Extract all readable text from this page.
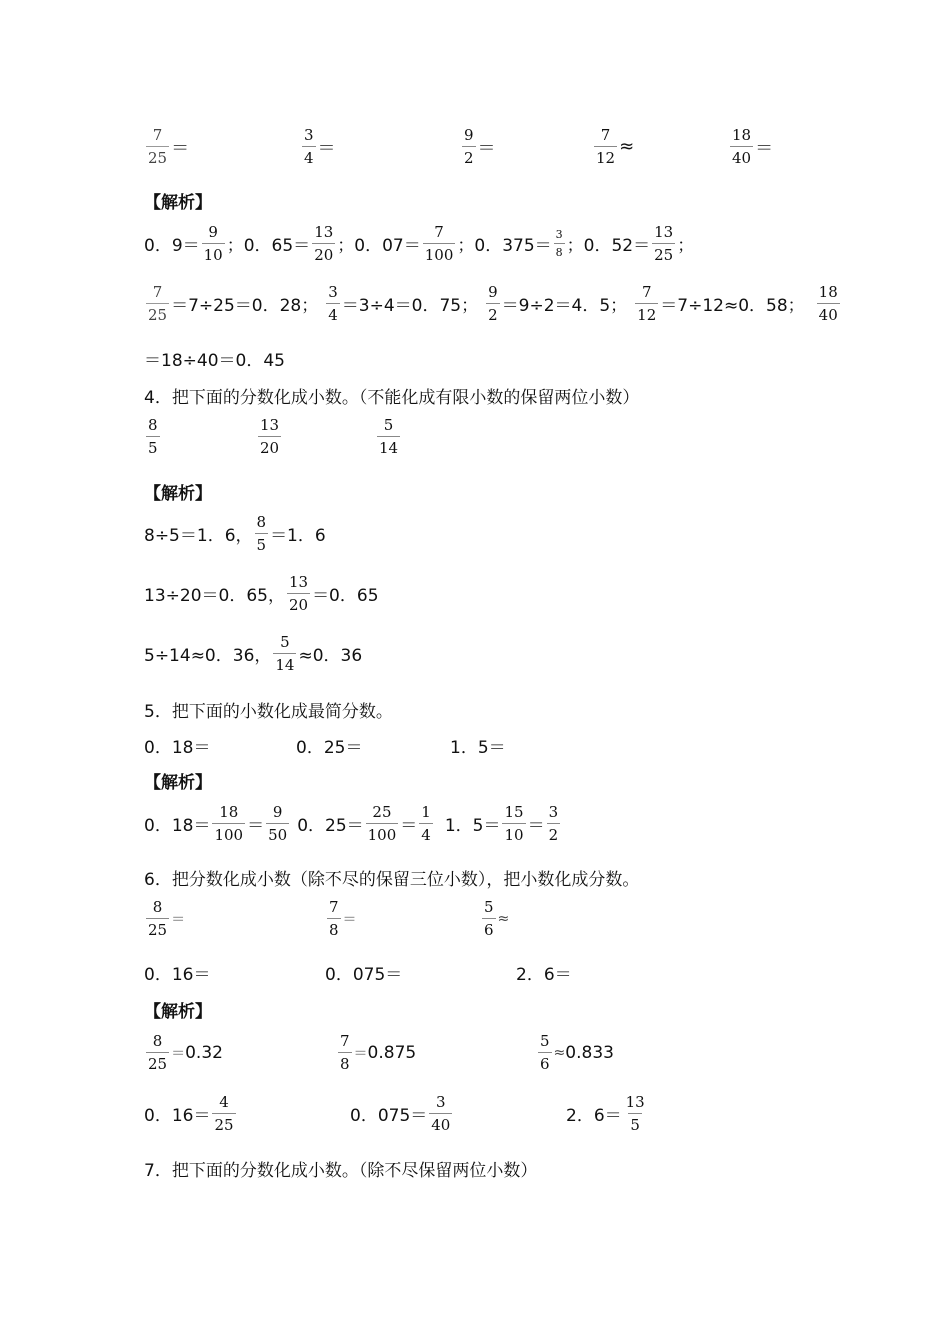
$\frac{7}{25}$ ＝	$\frac{3}{4}$ ＝	$\frac{9}{2}$ ＝	$\frac{7}{12}$ ≈	$\frac{18}{40}$ ＝
【解析】
0．$9= \frac{9}{10}$ ；0．$65= \frac{13}{20}$ ；0．$07= \frac{7}{100}$ ；0．$375= \frac{3}{8}$ ；0．$52= \frac{13}{25}$ ；
$\frac{7}{25} =7\div 25=0$．28； $\frac{3}{4} =3\div 4=0$．75； $\frac{9}{2} =9\div 2=4$．5； $\frac{7}{12} =7\div 12\approx 0$．58； $\frac{18}{40}$
＝18÷40＝0．45
4．把下面的分数化成小数。（不能化成有限小数的保留两位小数）
$\frac{8}{5}$	$\frac{13}{20}$	$\frac{5}{14}$
【解析】
8÷5＝1．6， $\frac{8}{5} =1$．6
13÷20＝0．65， $\frac{13}{20} =0$．65
5÷14≈0．36， $\frac{5}{14} \approx 0$．36
5．把下面的小数化成最简分数。
0．18＝	0．25＝	1．5＝
【解析】
0．$18= \frac{18}{100} = \frac{9}{50} 0$．$25= \frac{25}{100} = \frac{1}{4} 1$．$5= \frac{15}{10} = \frac{3}{2}$
6．把分数化成小数（除不尽的保留三位小数），把小数化成分数。
$\frac{8}{25}$ ＝	$\frac{7}{8}$ ＝	$\frac{5}{6}$ ≈
0．16＝	0．075＝	2．6＝
【解析】
$\frac{8}{25} = 0.32$	$\frac{7}{8} = 0.875$	$\frac{5}{6} \approx 0.833$
0．$16= \frac{4}{25}$	0．$075= \frac{3}{40}$	2．$6= \frac{13}{5}$
7．把下面的分数化成小数。（除不尽保留两位小数）
